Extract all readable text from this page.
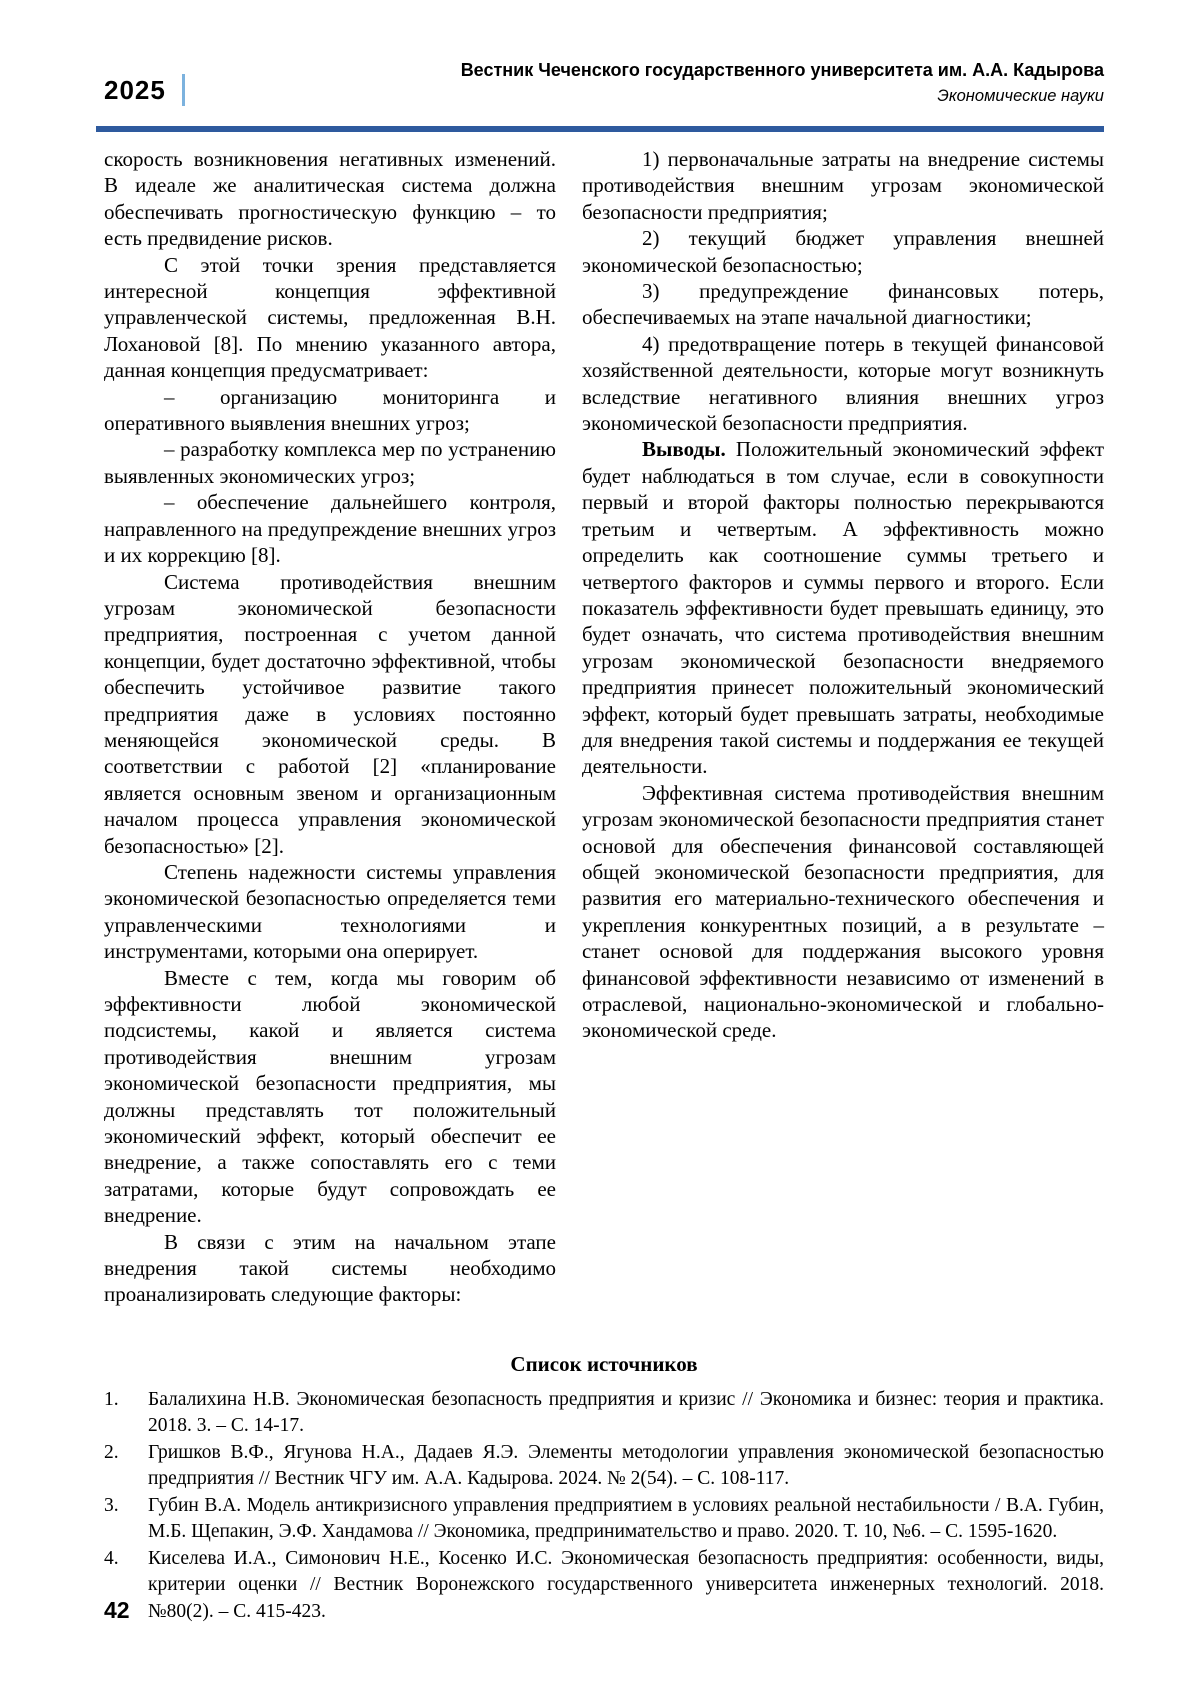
2025
Вестник Чеченского государственного университета им. А.А. Кадырова
Экономические науки

скорость возникновения негативных изменений. В идеале же аналитическая система должна обеспечивать прогностическую функцию – то есть предвидение рисков.

С этой точки зрения представляется интересной концепция эффективной управленческой системы, предложенная В.Н. Лохановой [8]. По мнению указанного автора, данная концепция предусматривает:

– организацию мониторинга и оперативного выявления внешних угроз;

– разработку комплекса мер по устранению выявленных экономических угроз;

– обеспечение дальнейшего контроля, направленного на предупреждение внешних угроз и их коррекцию [8].

Система противодействия внешним угрозам экономической безопасности предприятия, построенная с учетом данной концепции, будет достаточно эффективной, чтобы обеспечить устойчивое развитие такого предприятия даже в условиях постоянно меняющейся экономической среды. В соответствии с работой [2] «планирование является основным звеном и организационным началом процесса управления экономической безопасностью» [2].

Степень надежности системы управления экономической безопасностью определяется теми управленческими технологиями и инструментами, которыми она оперирует.

Вместе с тем, когда мы говорим об эффективности любой экономической подсистемы, какой и является система противодействия внешним угрозам экономической безопасности предприятия, мы должны представлять тот положительный экономический эффект, который обеспечит ее внедрение, а также сопоставлять его с теми затратами, которые будут сопровождать ее внедрение.

В связи с этим на начальном этапе внедрения такой системы необходимо проанализировать следующие факторы:

1) первоначальные затраты на внедрение системы противодействия внешним угрозам экономической безопасности предприятия;

2) текущий бюджет управления внешней экономической безопасностью;

3) предупреждение финансовых потерь, обеспечиваемых на этапе начальной диагностики;

4) предотвращение потерь в текущей финансовой хозяйственной деятельности, которые могут возникнуть вследствие негативного влияния внешних угроз экономической безопасности предприятия.

Выводы. Положительный экономический эффект будет наблюдаться в том случае, если в совокупности первый и второй факторы полностью перекрываются третьим и четвертым. А эффективность можно определить как соотношение суммы третьего и четвертого факторов и суммы первого и второго. Если показатель эффективности будет превышать единицу, это будет означать, что система противодействия внешним угрозам экономической безопасности внедряемого предприятия принесет положительный экономический эффект, который будет превышать затраты, необходимые для внедрения такой системы и поддержания ее текущей деятельности.

Эффективная система противодействия внешним угрозам экономической безопасности предприятия станет основой для обеспечения финансовой составляющей общей экономической безопасности предприятия, для развития его материально-технического обеспечения и укрепления конкурентных позиций, а в результате – станет основой для поддержания высокого уровня финансовой эффективности независимо от изменений в отраслевой, национально-экономической и глобально-экономической среде.

Список источников

1.	Балалихина Н.В. Экономическая безопасность предприятия и кризис // Экономика и бизнес: теория и практика. 2018. 3. – С. 14-17.
2.	Гришков В.Ф., Ягунова Н.А., Дадаев Я.Э. Элементы методологии управления экономической безопасностью предприятия // Вестник ЧГУ им. А.А. Кадырова. 2024. № 2(54). – С. 108-117.
3.	Губин В.А. Модель антикризисного управления предприятием в условиях реальной нестабильности / В.А. Губин, М.Б. Щепакин, Э.Ф. Хандамова // Экономика, предпринимательство и право. 2020. Т. 10, №6. – С. 1595-1620.
4.	Киселева И.А., Симонович Н.Е., Косенко И.С. Экономическая безопасность предприятия: особенности, виды, критерии оценки // Вестник Воронежского государственного университета инженерных технологий. 2018. №80(2). – С. 415-423.
42
